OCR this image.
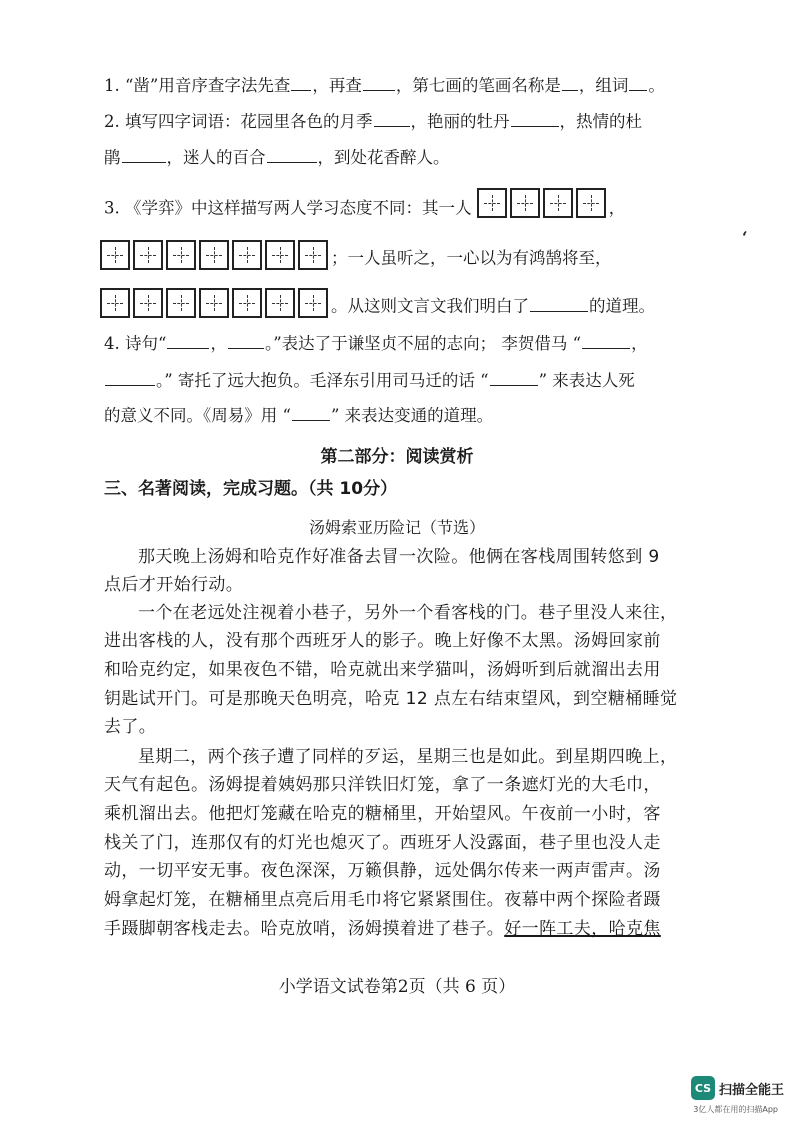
1. “凿”用音序查字法先查 ，再查 ，第七画的笔画名称是 ，组词 。
2. 填写四字词语：花园里各色的月季 ，艳丽的牡丹	，热情的杜
鹃	，迷人的百合	，到处花香醉人。
3. 《学弈》中这样描写两人学习态度不同：其一人	，
；一人虽听之，一心以为有鸿鹄将至，
。从这则文言文我们明白了	的道理。
4. 诗句“	， 。”表达了于谦坚贞不屈的志向； 李贺借马 “	，
。” 寄托了远大抱负。毛泽东引用司马迁的话 “	” 来表达人死
的意义不同。《周易》用 “ ” 来表达变通的道理。
第二部分：阅读赏析
三、名著阅读，完成习题。（共 10分）
汤姆索亚历险记（节选）
那天晚上汤姆和哈克作好准备去冒一次险。他俩在客栈周围转悠到 9
点后才开始行动。
一个在老远处注视着小巷子，另外一个看客栈的门。巷子里没人来往，
进出客栈的人，没有那个西班牙人的影子。晚上好像不太黑。汤姆回家前
和哈克约定，如果夜色不错，哈克就出来学猫叫，汤姆听到后就溜出去用
钥匙试开门。可是那晚天色明亮，哈克 12 点左右结束望风，到空糖桶睡觉
去了。
星期二，两个孩子遭了同样的歹运，星期三也是如此。到星期四晚上，
天气有起色。汤姆提着姨妈那只洋铁旧灯笼，拿了一条遮灯光的大毛巾，
乘机溜出去。他把灯笼藏在哈克的糖桶里，开始望风。午夜前一小时，客
栈关了门，连那仅有的灯光也熄灭了。西班牙人没露面，巷子里也没人走
动，一切平安无事。夜色深深，万籁俱静，远处偶尔传来一两声雷声。汤
姆拿起灯笼，在糖桶里点亮后用毛巾将它紧紧围住。夜幕中两个探险者蹑
手蹑脚朝客栈走去。哈克放哨，汤姆摸着进了巷子。好一阵工夫，哈克焦
小学语文试卷第2页（共 6 页）
‘
CS 扫描全能王
3亿人都在用的扫描App
